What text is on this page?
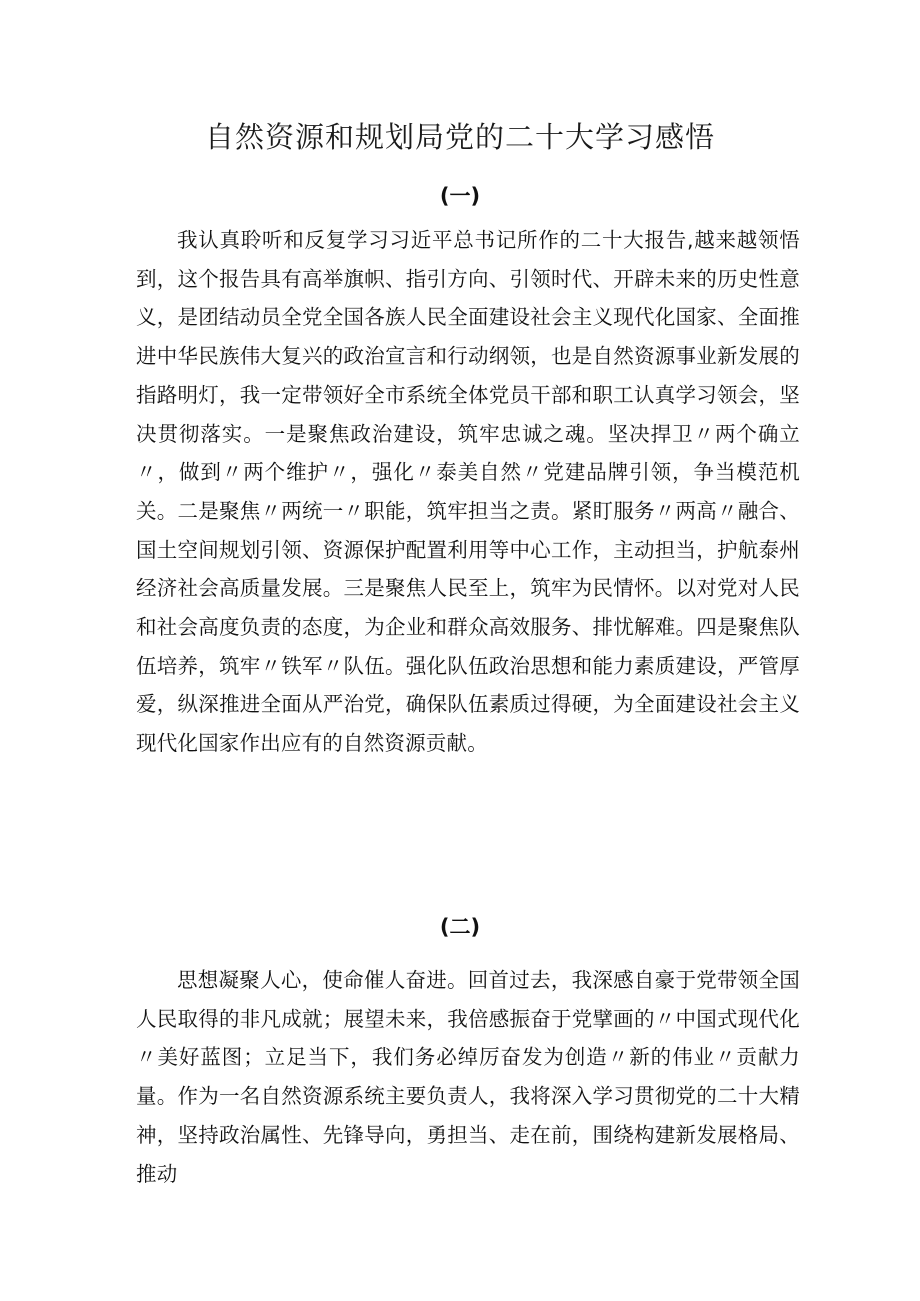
自然资源和规划局党的二十大学习感悟
(一)

我认真聆听和反复学习习近平总书记所作的二十大报告,越来越领悟到，这个报告具有高举旗帜、指引方向、引领时代、开辟未来的历史性意义，是团结动员全党全国各族人民全面建设社会主义现代化国家、全面推进中华民族伟大复兴的政治宣言和行动纲领，也是自然资源事业新发展的指路明灯，我一定带领好全市系统全体党员干部和职工认真学习领会，坚决贯彻落实。一是聚焦政治建设，筑牢忠诚之魂。坚决捍卫〃两个确立〃，做到〃两个维护〃，强化〃泰美自然〃党建品牌引领，争当模范机关。二是聚焦〃两统一〃职能，筑牢担当之责。紧盯服务〃两高〃融合、国土空间规划引领、资源保护配置利用等中心工作，主动担当，护航泰州经济社会高质量发展。三是聚焦人民至上，筑牢为民情怀。以对党对人民和社会高度负责的态度，为企业和群众高效服务、排忧解难。四是聚焦队伍培养，筑牢〃铁军〃队伍。强化队伍政治思想和能力素质建设，严管厚爱，纵深推进全面从严治党，确保队伍素质过得硬，为全面建设社会主义现代化国家作出应有的自然资源贡献。

(二)

思想凝聚人心，使命催人奋进。回首过去，我深感自豪于党带领全国人民取得的非凡成就；展望未来，我倍感振奋于党擘画的〃中国式现代化〃美好蓝图；立足当下，我们务必绰厉奋发为创造〃新的伟业〃贡献力量。作为一名自然资源系统主要负责人，我将深入学习贯彻党的二十大精神，坚持政治属性、先锋导向，勇担当、走在前，围绕构建新发展格局、推动
